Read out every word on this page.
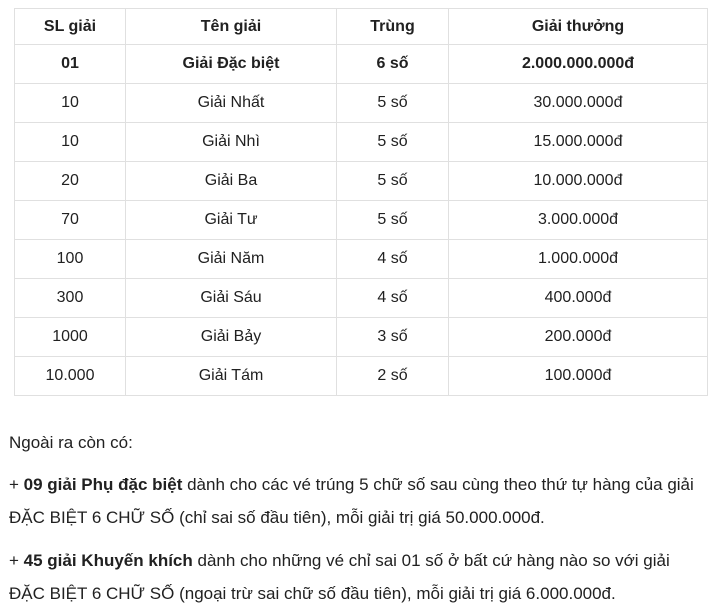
SL giải	Tên giải	Trùng	Giải thưởng
01	Giải Đặc biệt	6 số	2.000.000.000đ
10	Giải Nhất	5 số	30.000.000đ
10	Giải Nhì	5 số	15.000.000đ
20	Giải Ba	5 số	10.000.000đ
70	Giải Tư	5 số	3.000.000đ
100	Giải Năm	4 số	1.000.000đ
300	Giải Sáu	4 số	400.000đ
1000	Giải Bảy	3 số	200.000đ
10.000	Giải Tám	2 số	100.000đ

Ngoài ra còn có:

+ 09 giải Phụ đặc biệt dành cho các vé trúng 5 chữ số sau cùng theo thứ tự hàng của giải ĐẶC BIỆT 6 CHỮ SỐ (chỉ sai số đầu tiên), mỗi giải trị giá 50.000.000đ.

+ 45 giải Khuyến khích dành cho những vé chỉ sai 01 số ở bất cứ hàng nào so với giải ĐẶC BIỆT 6 CHỮ SỐ (ngoại trừ sai chữ số đầu tiên), mỗi giải trị giá 6.000.000đ.
